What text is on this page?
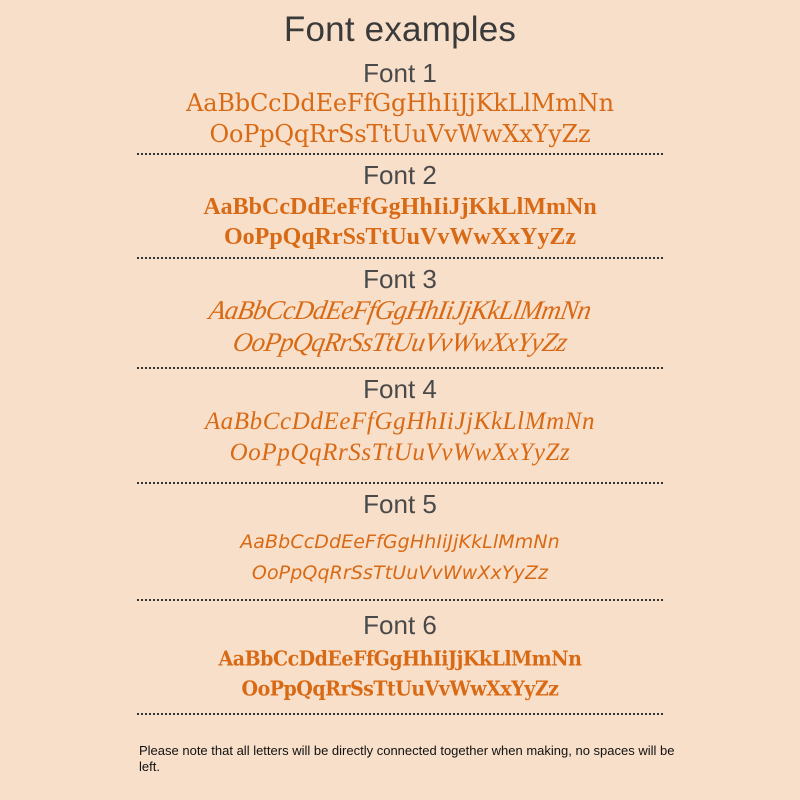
Font examples
Font 1
AaBbCcDdEeFfGgHhIiJjKkLlMmNn
OoPpQqRrSsTtUuVvWwXxYyZz
Font 2
AaBbCcDdEeFfGgHhIiJjKkLlMmNn
OoPpQqRrSsTtUuVvWwXxYyZz
Font 3
AaBbCcDdEeFfGgHhIiJjKkLlMmNn
OoPpQqRrSsTtUuVvWwXxYyZz
Font 4
AaBbCcDdEeFfGgHhIiJjKkLlMmNn
OoPpQqRrSsTtUuVvWwXxYyZz
Font 5
AaBbCcDdEeFfGgHhIiJjKkLlMmNn
OoPpQqRrSsTtUuVvWwXxYyZz
Font 6
AaBbCcDdEeFfGgHhIiJjKkLlMmNn
OoPpQqRrSsTtUuVvWwXxYyZz
Please note that all letters will be directly connected together when making, no spaces will be left.
